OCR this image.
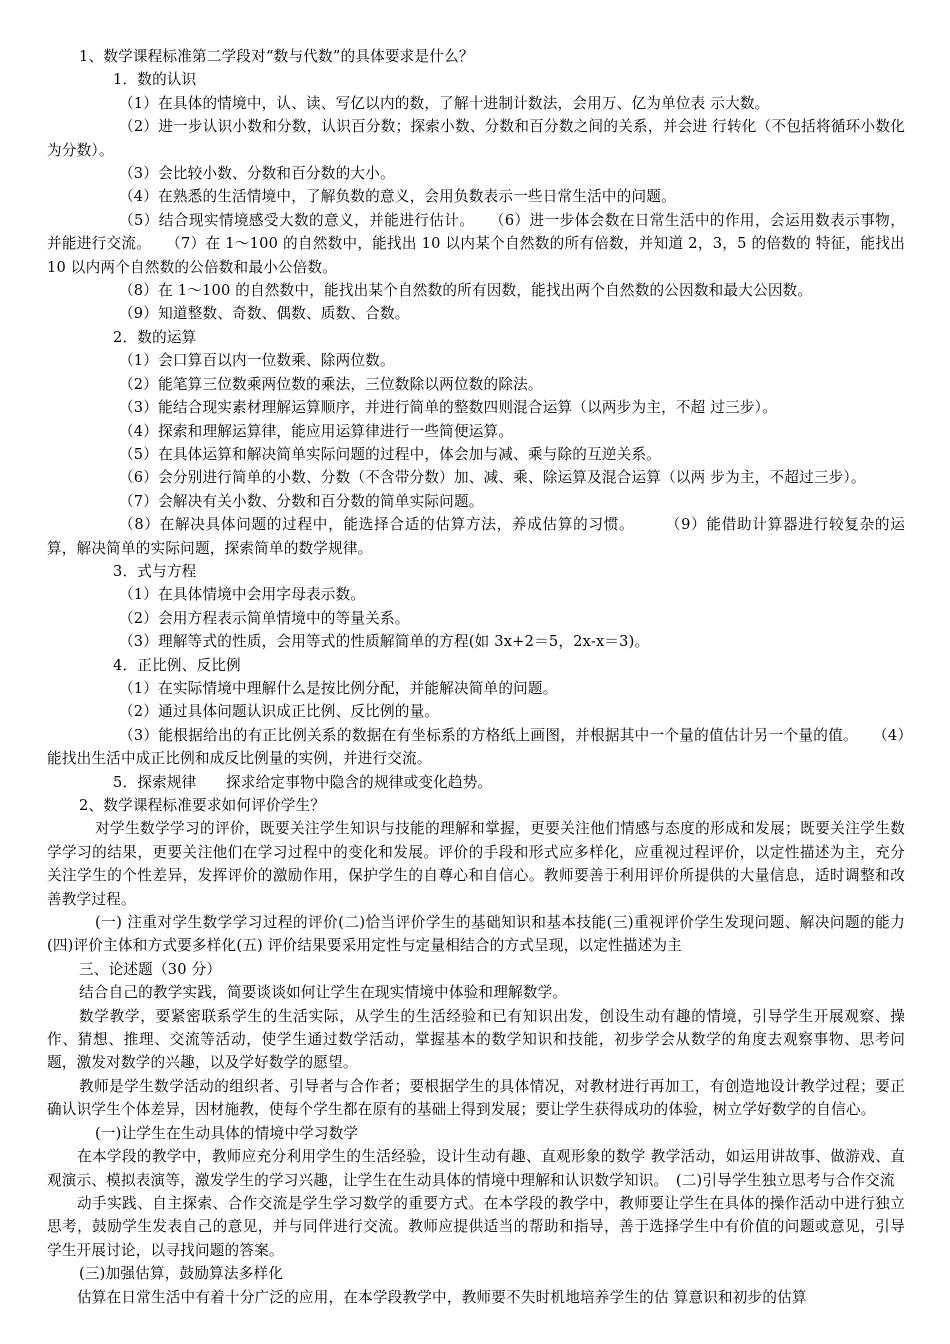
1、数学课程标准第二学段对“数与代数”的具体要求是什么？

1．数的认识

（1）在具体的情境中，认、读、写亿以内的数，了解十进制计数法，会用万、亿为单位表 示大数。

（2）进一步认识小数和分数，认识百分数；探索小数、分数和百分数之间的关系，并会进 行转化（不包括将循环小数化为分数）。

（3）会比较小数、分数和百分数的大小。

（4）在熟悉的生活情境中，了解负数的意义，会用负数表示一些日常生活中的问题。

（5）结合现实情境感受大数的意义，并能进行估计。　　（6）进一步体会数在日常生活中的作用，会运用数表示事物，并能进行交流。　　（7）在 1～100 的自然数中，能找出 10 以内某个自然数的所有倍数，并知道 2，3，5 的倍数的 特征，能找出 10 以内两个自然数的公倍数和最小公倍数。

（8）在 1～100 的自然数中，能找出某个自然数的所有因数，能找出两个自然数的公因数和最大公因数。

（9）知道整数、奇数、偶数、质数、合数。

2．数的运算

（1）会口算百以内一位数乘、除两位数。

（2）能笔算三位数乘两位数的乘法，三位数除以两位数的除法。

（3）能结合现实素材理解运算顺序，并进行简单的整数四则混合运算（以两步为主，不超 过三步）。

（4）探索和理解运算律，能应用运算律进行一些简便运算。

（5）在具体运算和解决简单实际问题的过程中，体会加与减、乘与除的互逆关系。

（6）会分别进行简单的小数、分数（不含带分数）加、减、乘、除运算及混合运算（以两 步为主，不超过三步）。

（7）会解决有关小数、分数和百分数的简单实际问题。

（8）在解决具体问题的过程中，能选择合适的估算方法，养成估算的习惯。　　　（9）能借助计算器进行较复杂的运算，解决简单的实际问题，探索简单的数学规律。

3．式与方程

（1）在具体情境中会用字母表示数。

（2）会用方程表示简单情境中的等量关系。

（3）理解等式的性质，会用等式的性质解简单的方程(如 3x+2＝5，2x-x＝3)。

4．正比例、反比例

（1）在实际情境中理解什么是按比例分配，并能解决简单的问题。

（2）通过具体问题认识成正比例、反比例的量。

（3）能根据给出的有正比例关系的数据在有坐标系的方格纸上画图，并根据其中一个量的值估计另一个量的值。　　（4）能找出生活中成正比例和成反比例量的实例，并进行交流。

5．探索规律　　探求给定事物中隐含的规律或变化趋势。

2、数学课程标准要求如何评价学生？

对学生数学学习的评价，既要关注学生知识与技能的理解和掌握，更要关注他们情感与态度的形成和发展；既要关注学生数学学习的结果，更要关注他们在学习过程中的变化和发展。评价的手段和形式应多样化，应重视过程评价，以定性描述为主，充分关注学生的个性差异，发挥评价的激励作用，保护学生的自尊心和自信心。教师要善于利用评价所提供的大量信息，适时调整和改善教学过程。

(一) 注重对学生数学学习过程的评价(二)恰当评价学生的基础知识和基本技能(三)重视评价学生发现问题、解决问题的能力 (四)评价主体和方式要多样化(五) 评价结果要采用定性与定量相结合的方式呈现，以定性描述为主

三、论述题（30 分）

结合自己的教学实践，简要谈谈如何让学生在现实情境中体验和理解数学。

数学教学，要紧密联系学生的生活实际，从学生的生活经验和已有知识出发，创设生动有趣的情境，引导学生开展观察、操作、猜想、推理、交流等活动，使学生通过数学活动，掌握基本的数学知识和技能，初步学会从数学的角度去观察事物、思考问题，激发对数学的兴趣，以及学好数学的愿望。

教师是学生数学活动的组织者、引导者与合作者；要根据学生的具体情况，对教材进行再加工，有创造地设计教学过程；要正确认识学生个体差异，因材施教，使每个学生都在原有的基础上得到发展；要让学生获得成功的体验，树立学好数学的自信心。

(一)让学生在生动具体的情境中学习数学

在本学段的教学中，教师应充分利用学生的生活经验，设计生动有趣、直观形象的数学 教学活动，如运用讲故事、做游戏、直观演示、模拟表演等，激发学生的学习兴趣，让学生在生动具体的情境中理解和认识数学知识。　(二)引导学生独立思考与合作交流

动手实践、自主探索、合作交流是学生学习数学的重要方式。在本学段的教学中，教师要让学生在具体的操作活动中进行独立思考，鼓励学生发表自己的意见，并与同伴进行交流。教师应提供适当的帮助和指导，善于选择学生中有价值的问题或意见，引导学生开展讨论，以寻找问题的答案。

(三)加强估算，鼓励算法多样化

估算在日常生活中有着十分广泛的应用，在本学段教学中，教师要不失时机地培养学生的估 算意识和初步的估算
